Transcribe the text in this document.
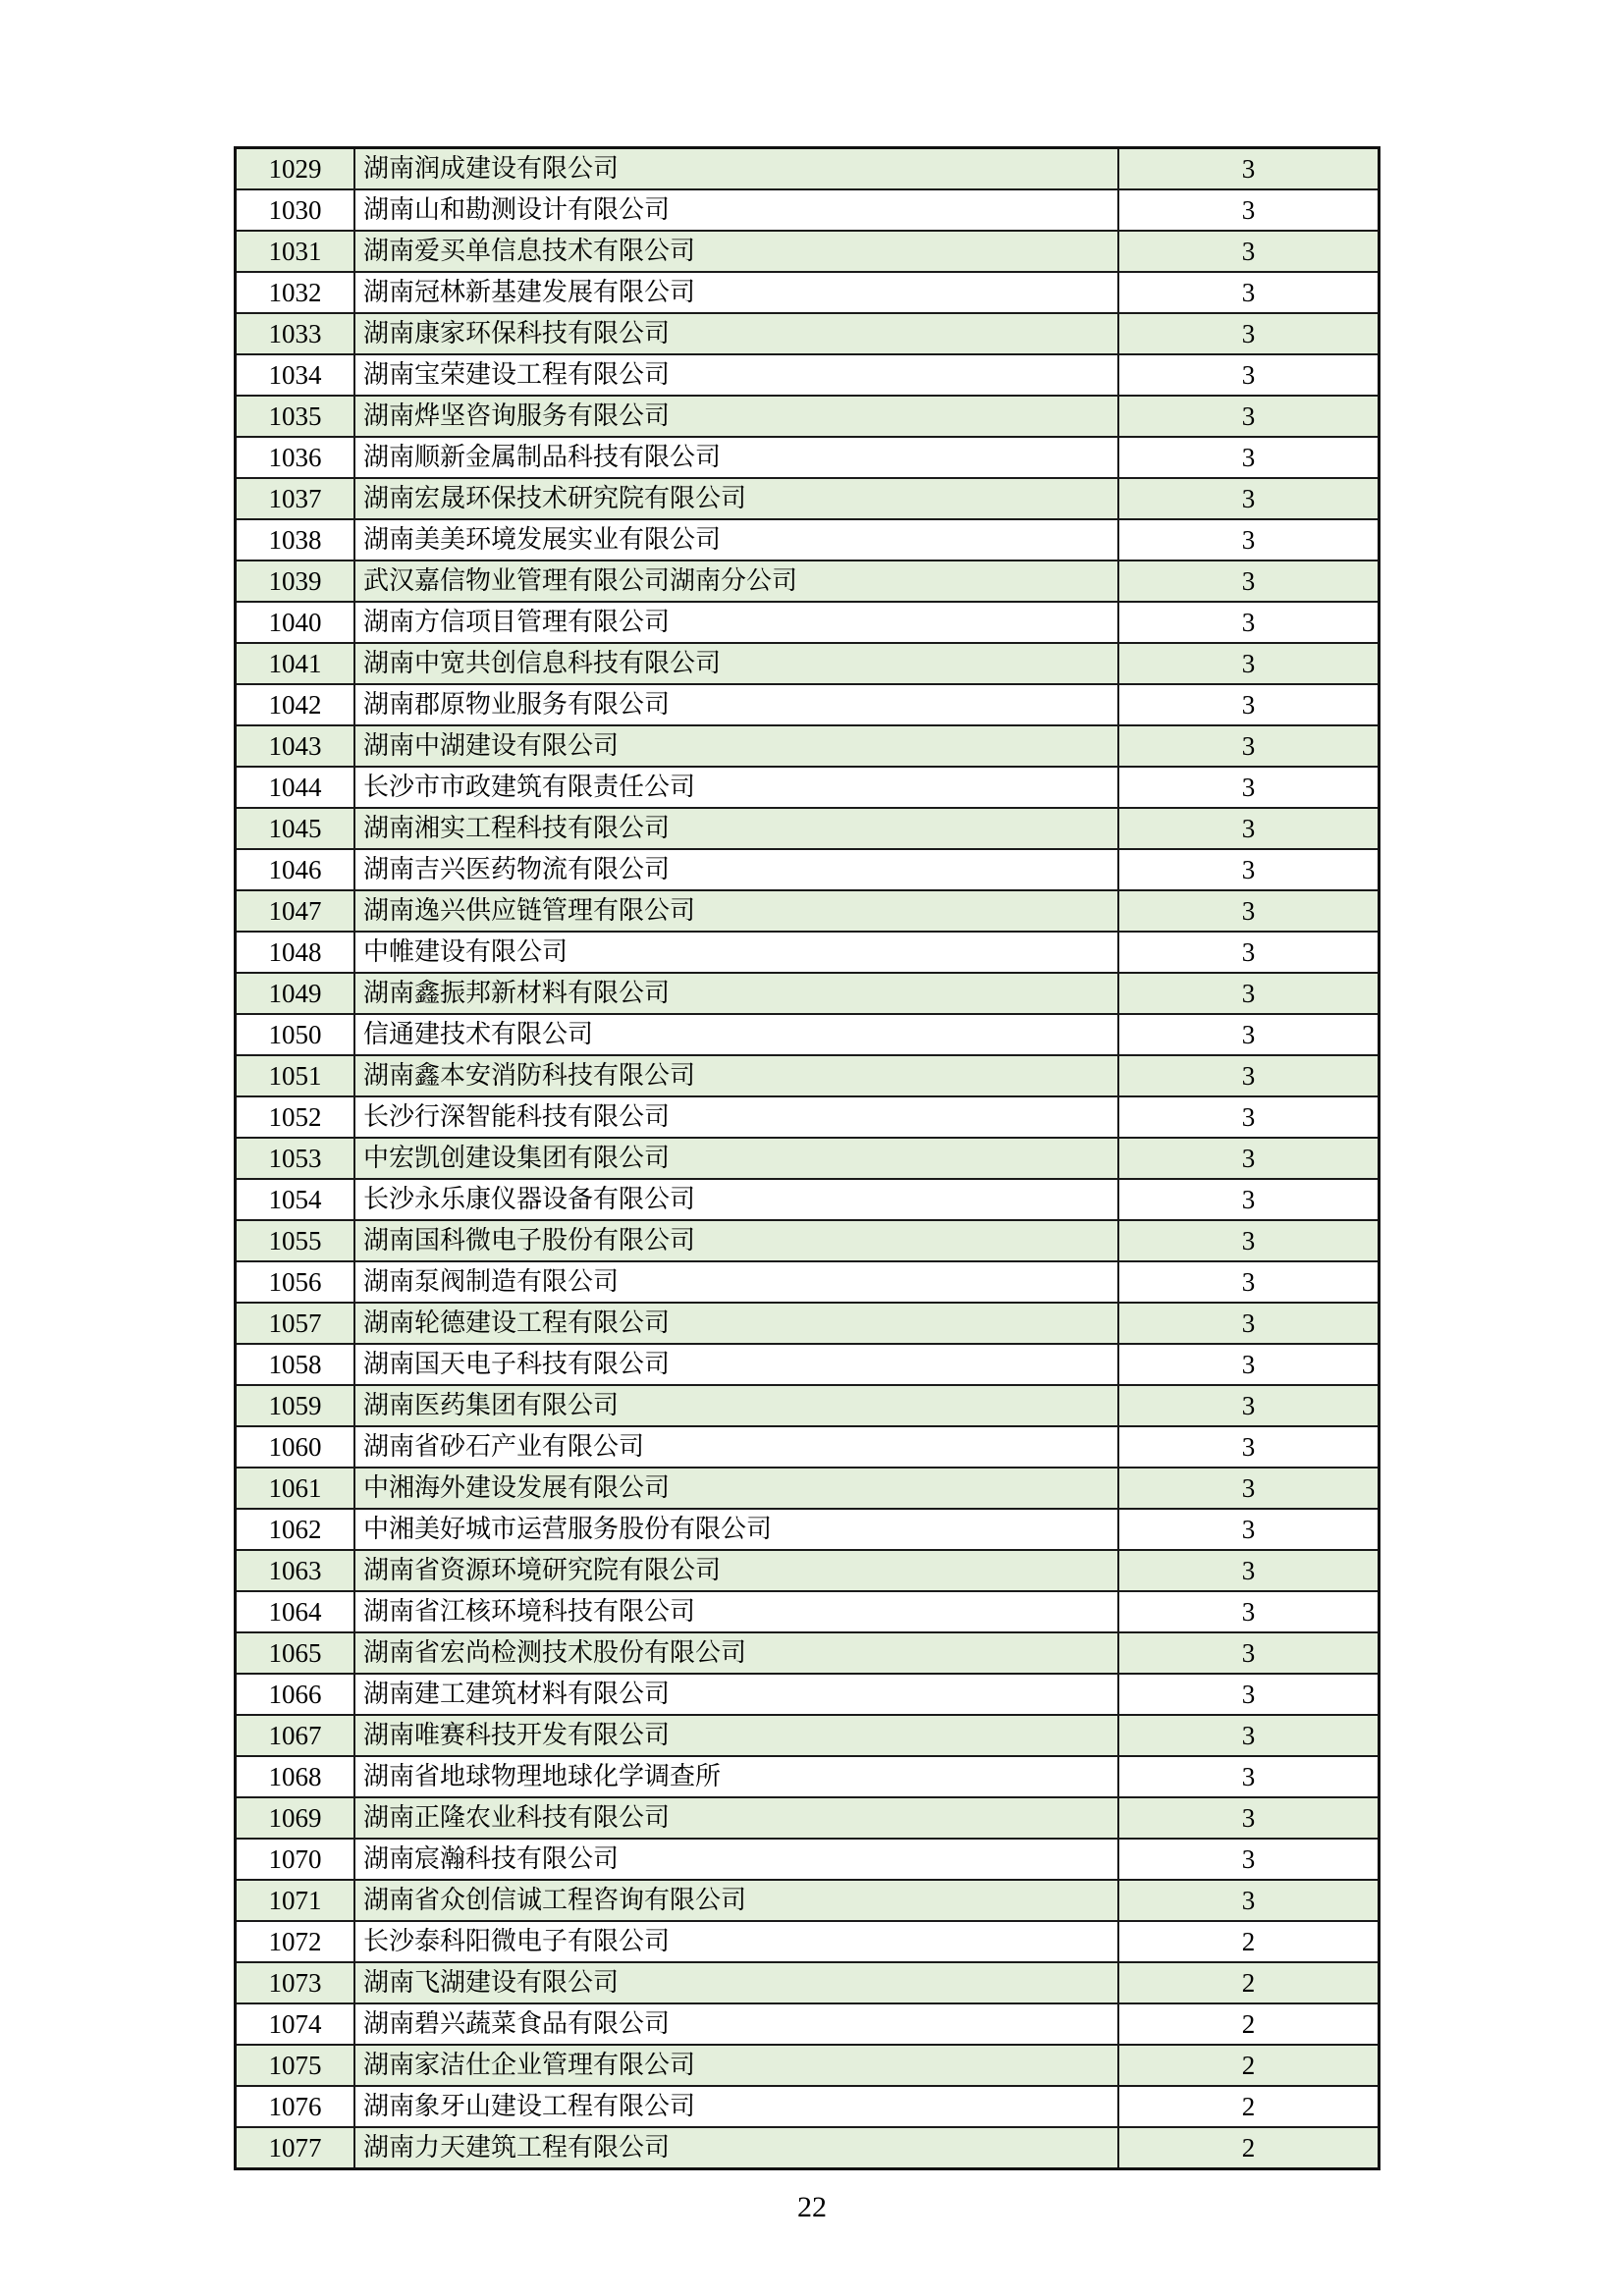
1029	湖南润成建设有限公司	3
1030	湖南山和勘测设计有限公司	3
1031	湖南爱买单信息技术有限公司	3
1032	湖南冠林新基建发展有限公司	3
1033	湖南康家环保科技有限公司	3
1034	湖南宝荣建设工程有限公司	3
1035	湖南烨坚咨询服务有限公司	3
1036	湖南顺新金属制品科技有限公司	3
1037	湖南宏晟环保技术研究院有限公司	3
1038	湖南美美环境发展实业有限公司	3
1039	武汉嘉信物业管理有限公司湖南分公司	3
1040	湖南方信项目管理有限公司	3
1041	湖南中宽共创信息科技有限公司	3
1042	湖南郡原物业服务有限公司	3
1043	湖南中湖建设有限公司	3
1044	长沙市市政建筑有限责任公司	3
1045	湖南湘实工程科技有限公司	3
1046	湖南吉兴医药物流有限公司	3
1047	湖南逸兴供应链管理有限公司	3
1048	中帷建设有限公司	3
1049	湖南鑫振邦新材料有限公司	3
1050	信通建技术有限公司	3
1051	湖南鑫本安消防科技有限公司	3
1052	长沙行深智能科技有限公司	3
1053	中宏凯创建设集团有限公司	3
1054	长沙永乐康仪器设备有限公司	3
1055	湖南国科微电子股份有限公司	3
1056	湖南泵阀制造有限公司	3
1057	湖南轮德建设工程有限公司	3
1058	湖南国天电子科技有限公司	3
1059	湖南医药集团有限公司	3
1060	湖南省砂石产业有限公司	3
1061	中湘海外建设发展有限公司	3
1062	中湘美好城市运营服务股份有限公司	3
1063	湖南省资源环境研究院有限公司	3
1064	湖南省江核环境科技有限公司	3
1065	湖南省宏尚检测技术股份有限公司	3
1066	湖南建工建筑材料有限公司	3
1067	湖南唯赛科技开发有限公司	3
1068	湖南省地球物理地球化学调查所	3
1069	湖南正隆农业科技有限公司	3
1070	湖南宸瀚科技有限公司	3
1071	湖南省众创信诚工程咨询有限公司	3
1072	长沙泰科阳微电子有限公司	2
1073	湖南飞湖建设有限公司	2
1074	湖南碧兴蔬菜食品有限公司	2
1075	湖南家洁仕企业管理有限公司	2
1076	湖南象牙山建设工程有限公司	2
1077	湖南力天建筑工程有限公司	2
22
